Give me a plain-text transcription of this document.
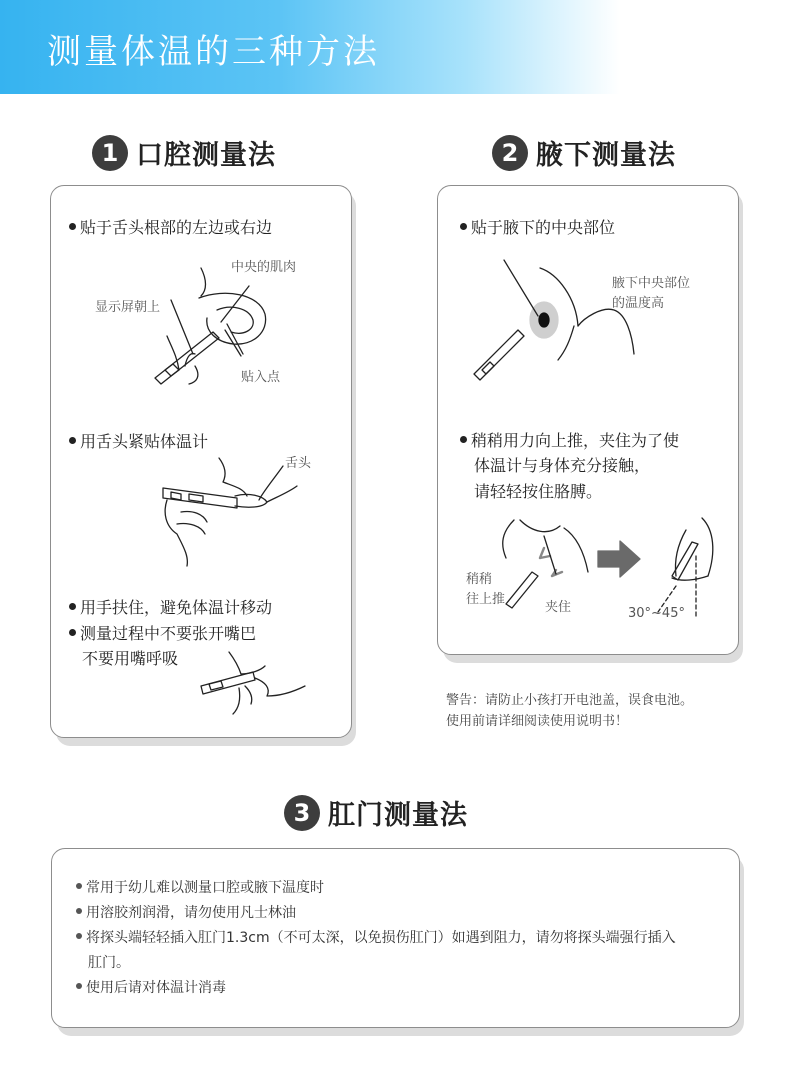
测量体温的三种方法
1 口腔测量法	2 腋下测量法
贴于舌头根部的左边或右边
中央的肌肉
显示屏朝上
贴入点
用舌头紧贴体温计
舌头
用手扶住，避免体温计移动
测量过程中不要张开嘴巴
不要用嘴呼吸
贴于腋下的中央部位
腋下中央部位
的温度高
稍稍用力向上推，夹住为了使
体温计与身体充分接触，
请轻轻按住胳膊。
稍稍
往上推
夹住	30°~45°
警告：请防止小孩打开电池盖，误食电池。
使用前请详细阅读使用说明书！
3 肛门测量法
常用于幼儿难以测量口腔或腋下温度时
用溶胶剂润滑，请勿使用凡士林油
将探头端轻轻插入肛门1.3cm（不可太深，以免损伤肛门）如遇到阻力，请勿将探头端强行插入
肛门。
使用后请对体温计消毒
